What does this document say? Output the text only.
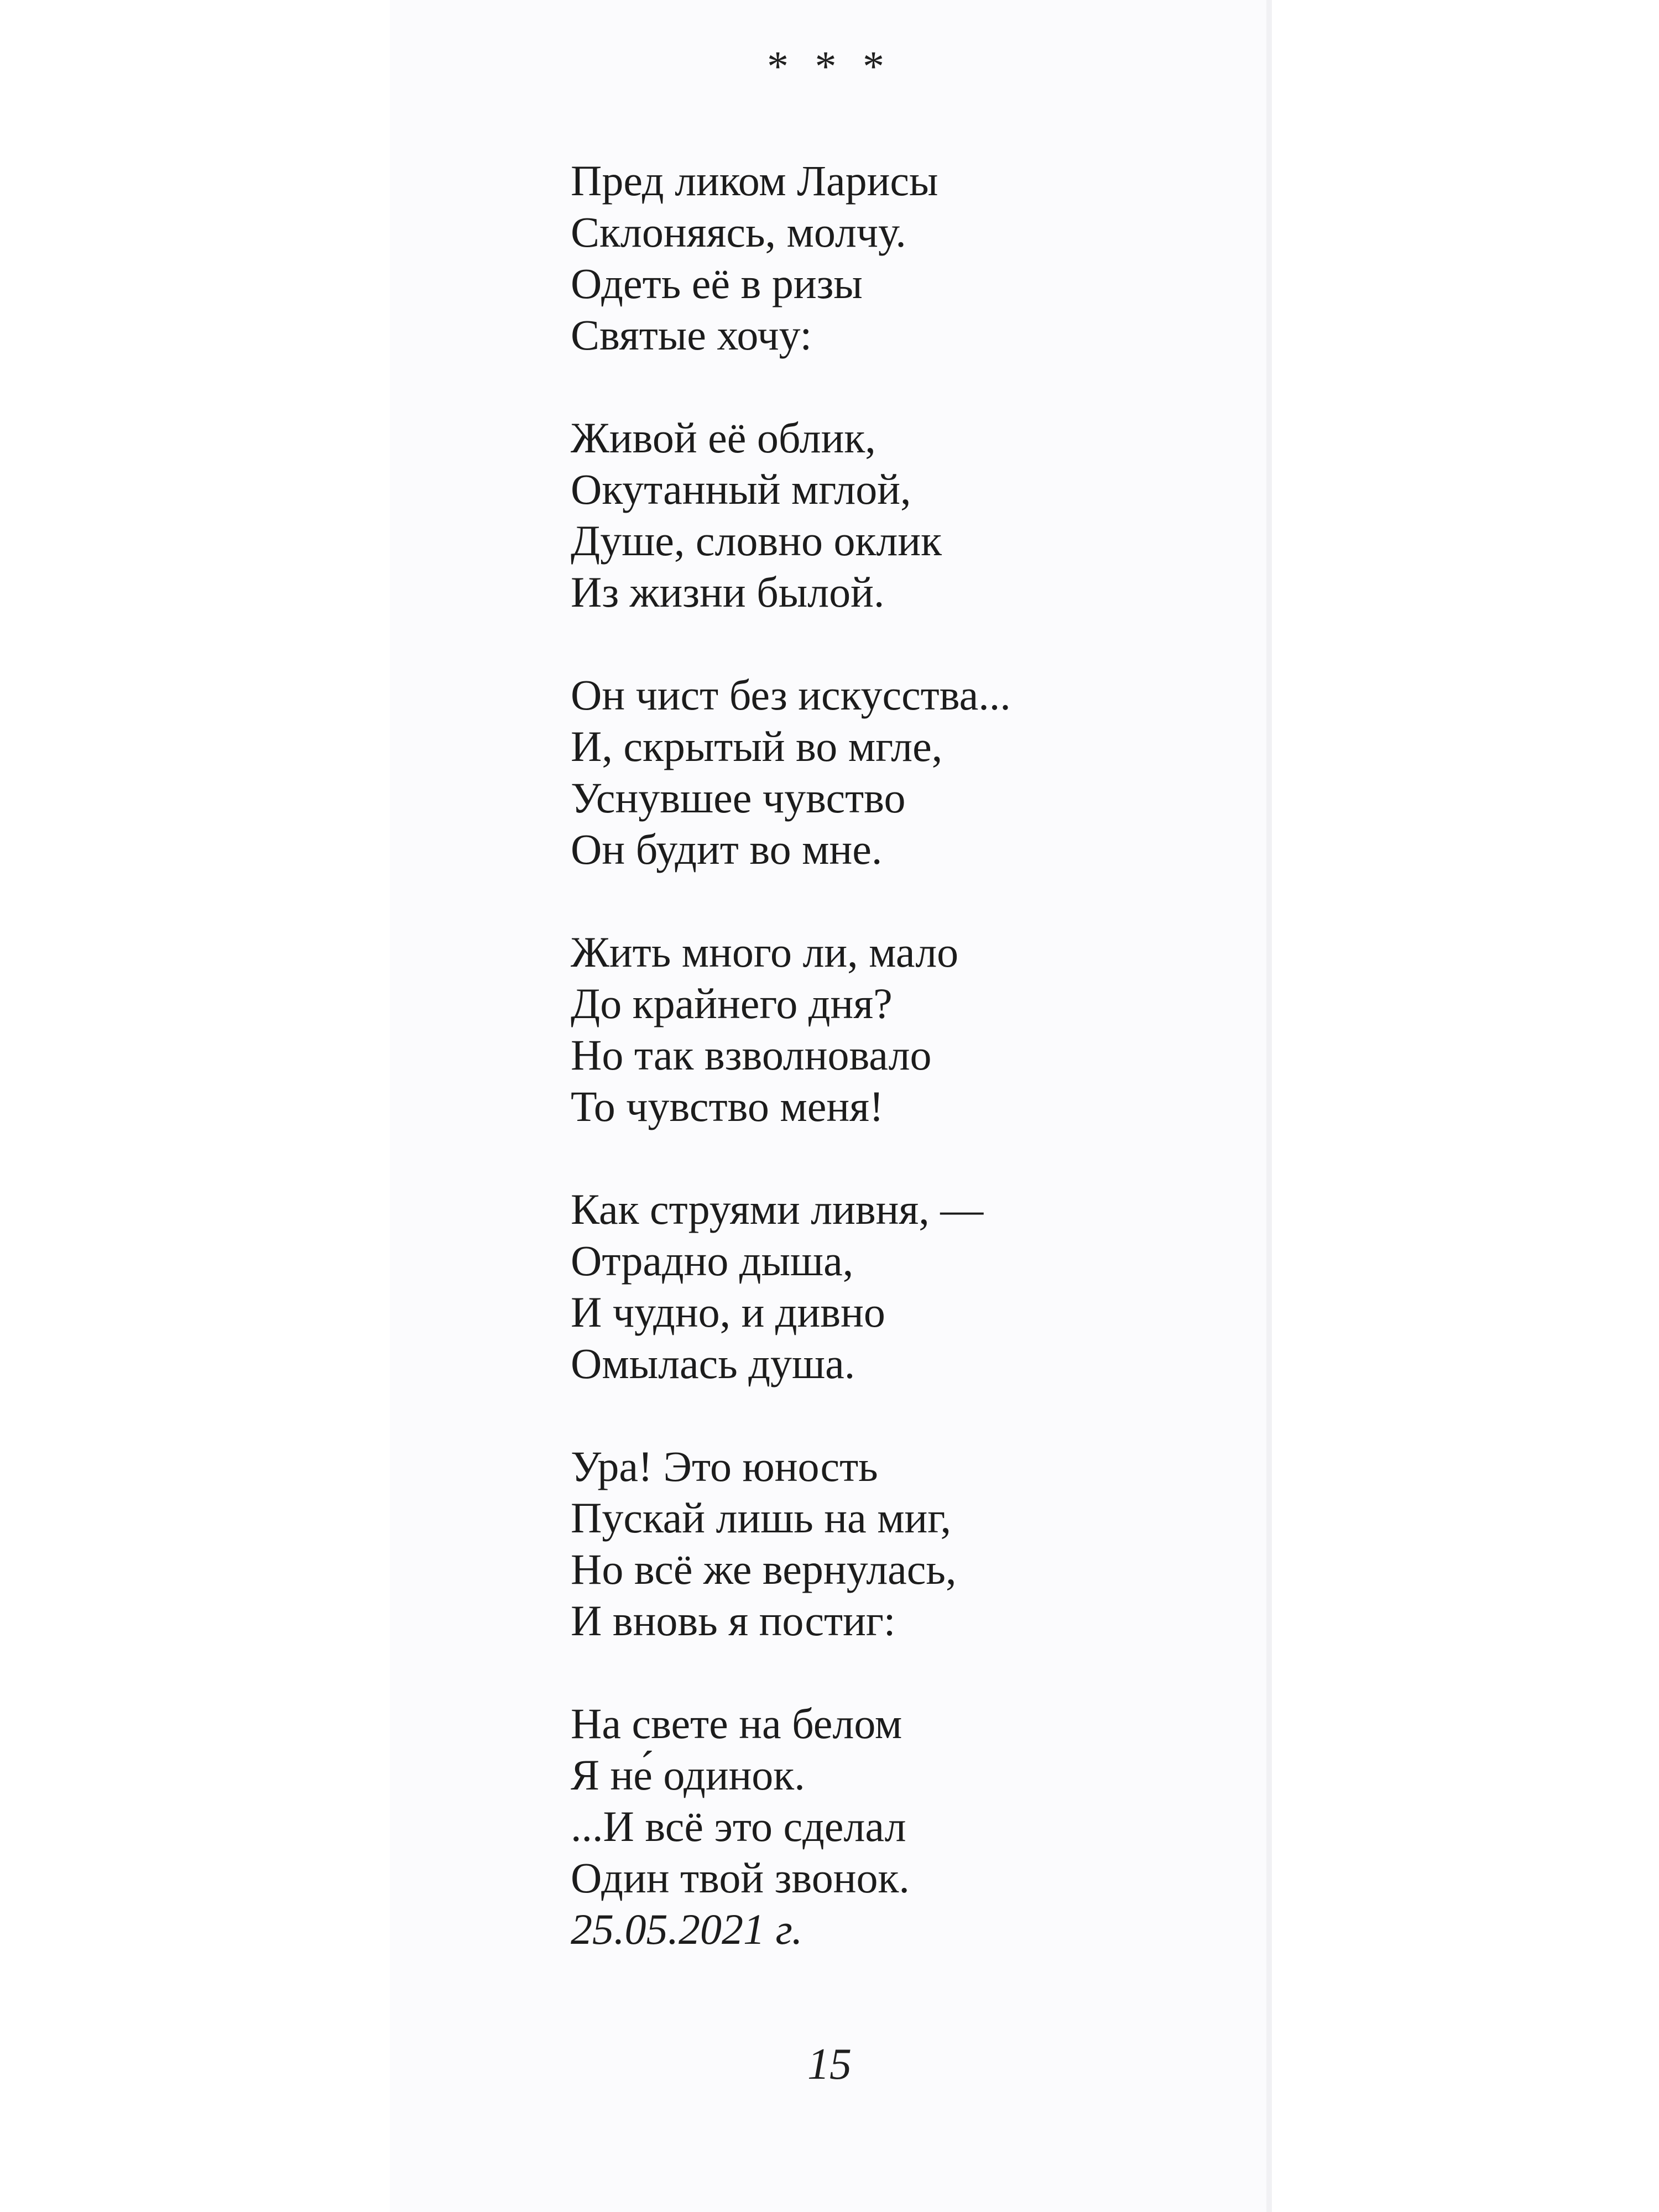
* * *
Пред ликом Ларисы
Склоняясь, молчу.
Одеть её в ризы
Святые хочу:
Живой её облик,
Окутанный мглой,
Душе, словно оклик
Из жизни былой.
Он чист без искусства...
И, скрытый во мгле,
Уснувшее чувство
Он будит во мне.
Жить много ли, мало
До крайнего дня?
Но так взволновало
То чувство меня!
Как струями ливня, —
Отрадно дыша,
И чудно, и дивно
Омылась душа.
Ура! Это юность
Пускай лишь на миг,
Но всё же вернулась,
И вновь я постиг:
На свете на белом
Я не́ одинок.
...И всё это сделал
Один твой звонок.
25.05.2021 г.
15
